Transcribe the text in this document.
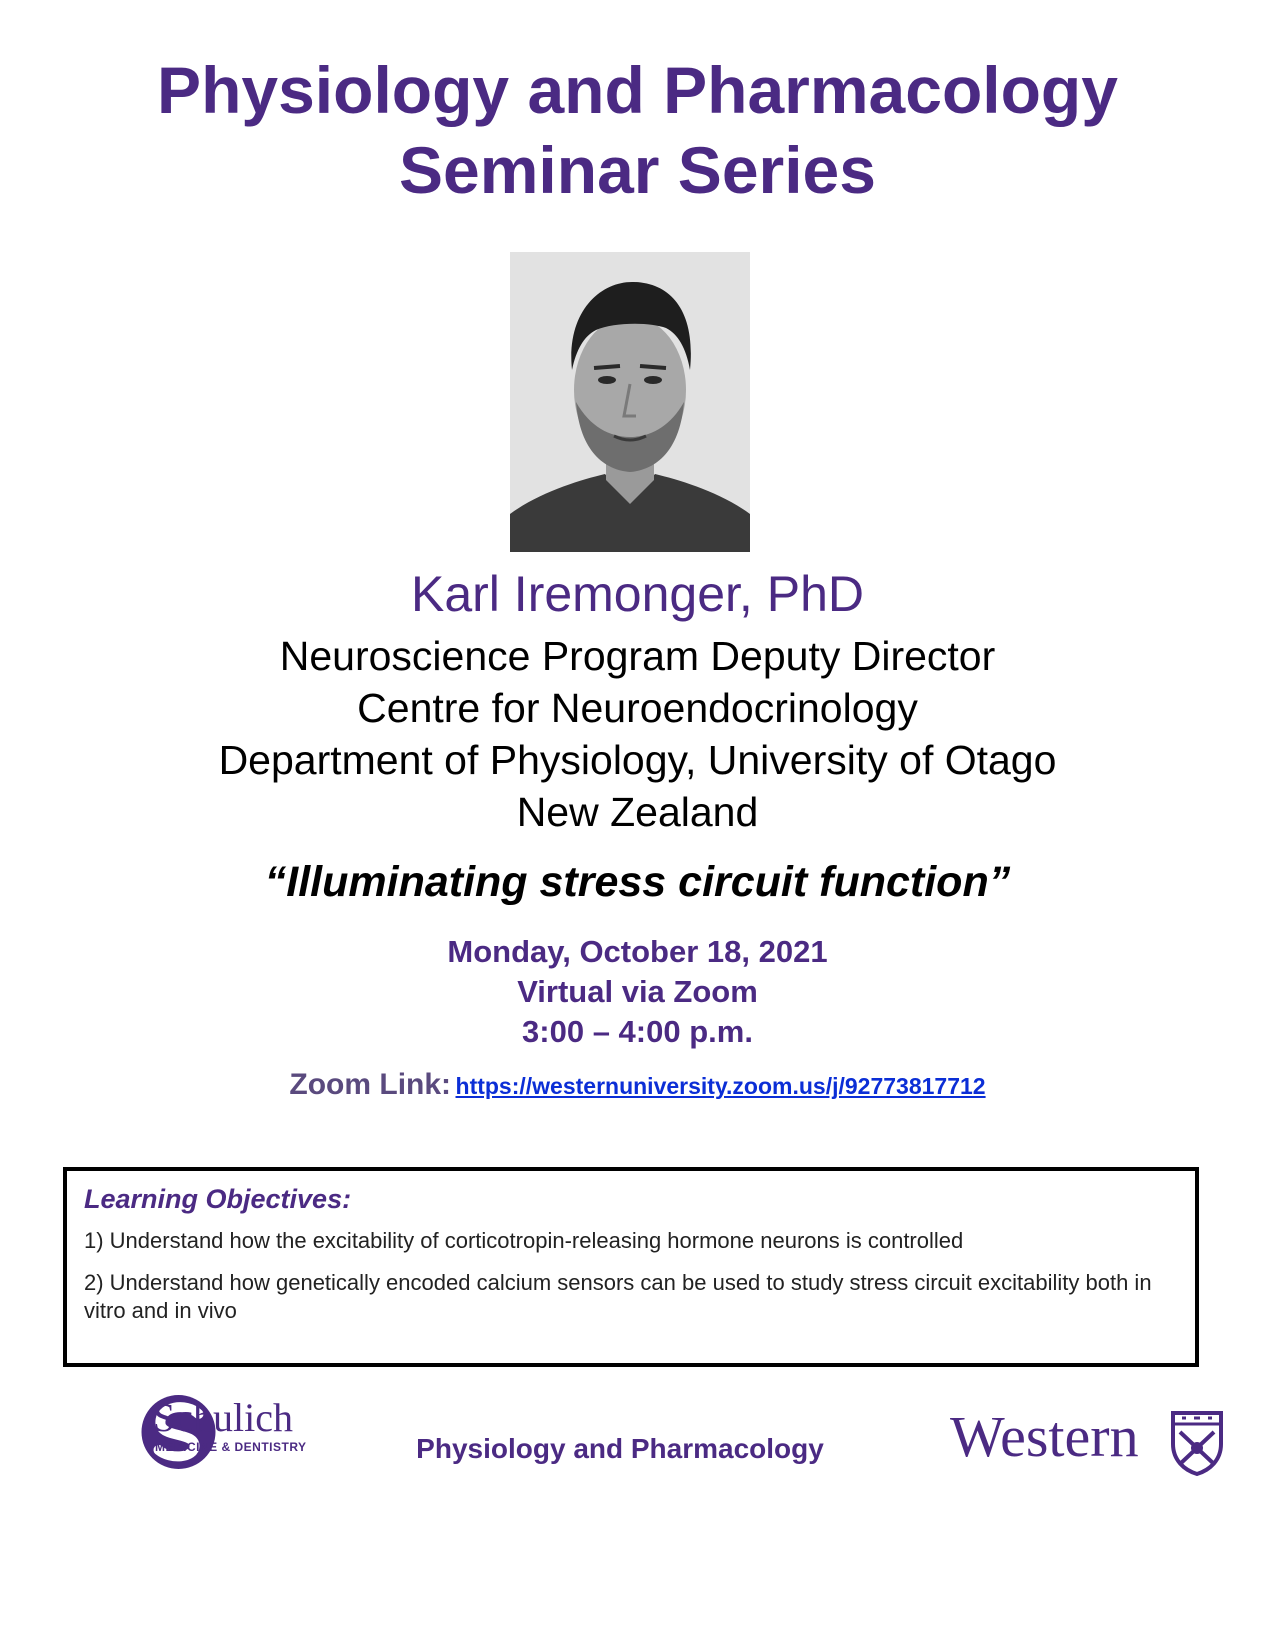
Physiology and Pharmacology
Seminar Series
Karl Iremonger, PhD
Neuroscience Program Deputy Director
Centre for Neuroendocrinology
Department of Physiology, University of Otago
New Zealand
“Illuminating stress circuit function”
Monday, October 18, 2021
Virtual via Zoom
3:00 – 4:00 p.m.
Zoom Link: https://westernuniversity.zoom.us/j/92773817712
Learning Objectives:
1) Understand how the excitability of corticotropin-releasing hormone neurons is controlled
2) Understand how genetically encoded calcium sensors can be used to study stress circuit excitability both in vitro and in vivo
Schulich
MEDICINE & DENTISTRY	Physiology and Pharmacology	Western
